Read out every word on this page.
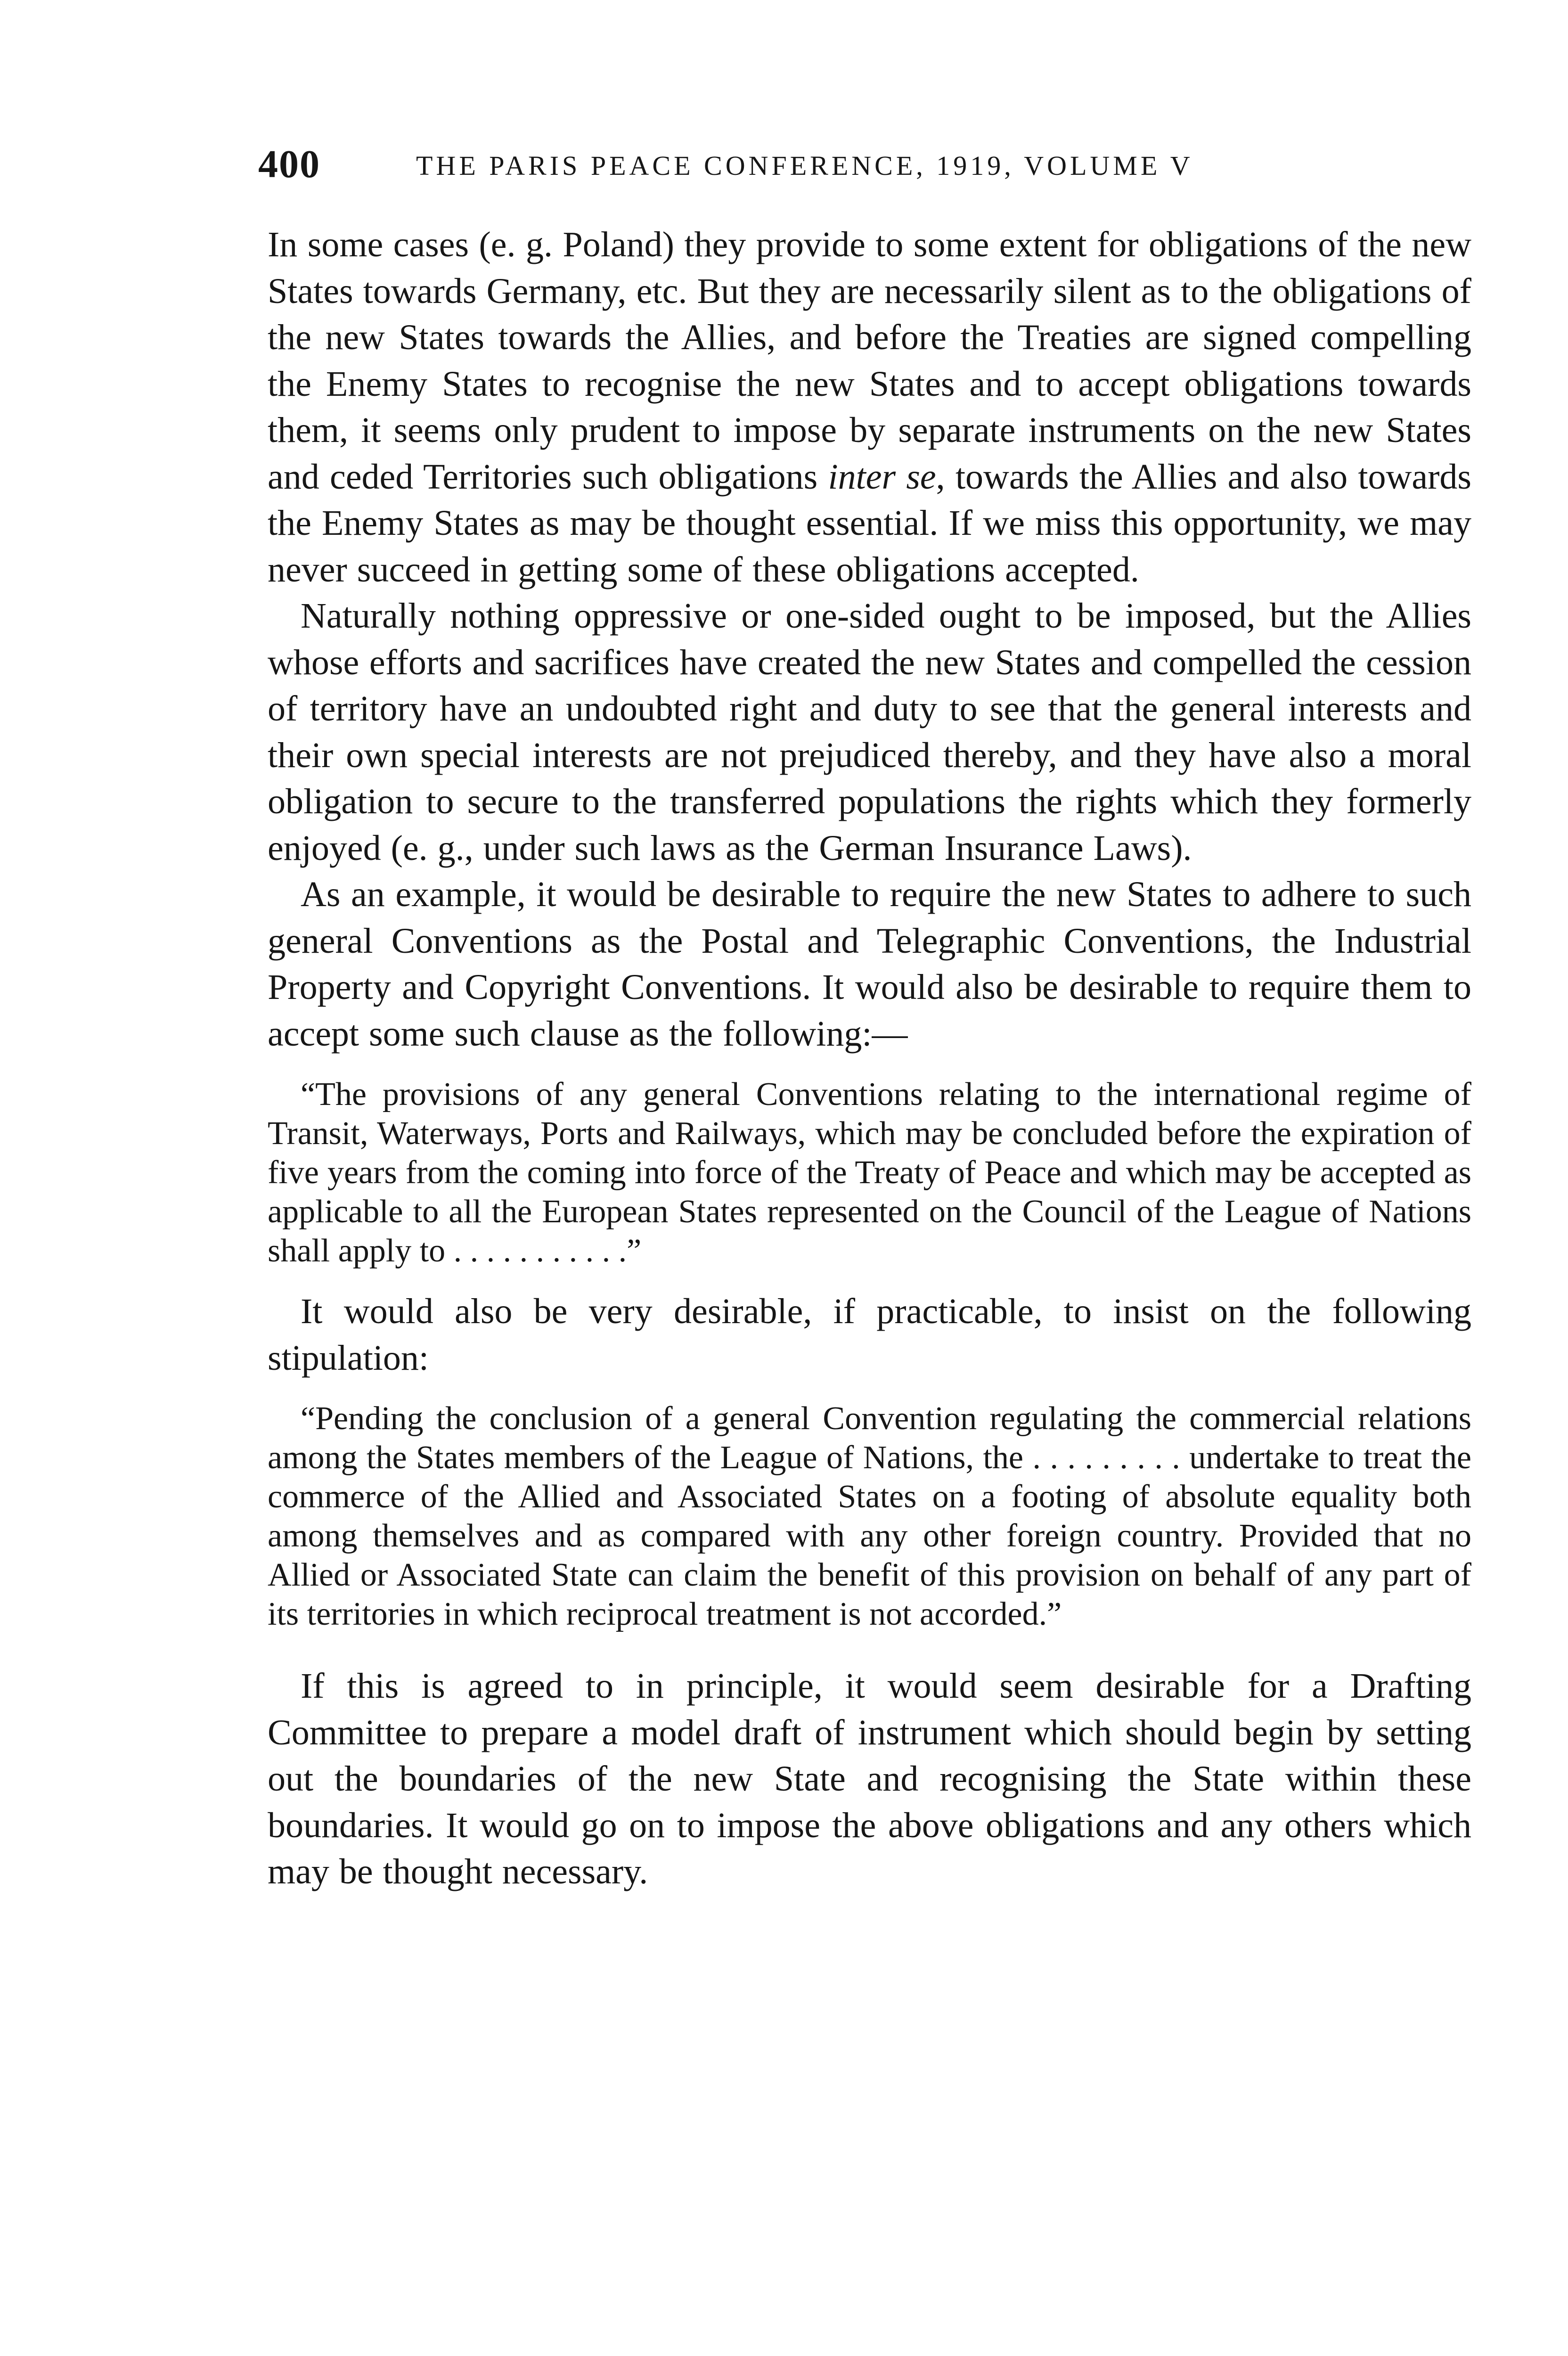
400	THE PARIS PEACE CONFERENCE, 1919, VOLUME V

In some cases (e. g. Poland) they provide to some extent for obligations of the new States towards Germany, etc. But they are necessarily silent as to the obligations of the new States towards the Allies, and before the Treaties are signed compelling the Enemy States to recognise the new States and to accept obligations towards them, it seems only prudent to impose by separate instruments on the new States and ceded Territories such obligations inter se, towards the Allies and also towards the Enemy States as may be thought essential. If we miss this opportunity, we may never succeed in getting some of these obligations accepted.

Naturally nothing oppressive or one-sided ought to be imposed, but the Allies whose efforts and sacrifices have created the new States and compelled the cession of territory have an undoubted right and duty to see that the general interests and their own special interests are not prejudiced thereby, and they have also a moral obligation to secure to the transferred populations the rights which they formerly enjoyed (e. g., under such laws as the German Insurance Laws).

As an example, it would be desirable to require the new States to adhere to such general Conventions as the Postal and Telegraphic Conventions, the Industrial Property and Copyright Conventions. It would also be desirable to require them to accept some such clause as the following:—

“The provisions of any general Conventions relating to the international regime of Transit, Waterways, Ports and Railways, which may be concluded before the expiration of five years from the coming into force of the Treaty of Peace and which may be accepted as applicable to all the European States represented on the Council of the League of Nations shall apply to . . . . . . . . . . .”

It would also be very desirable, if practicable, to insist on the following stipulation:

“Pending the conclusion of a general Convention regulating the commercial relations among the States members of the League of Nations, the . . . . . . . . . undertake to treat the commerce of the Allied and Associated States on a footing of absolute equality both among themselves and as compared with any other foreign country. Provided that no Allied or Associated State can claim the benefit of this provision on behalf of any part of its territories in which reciprocal treatment is not accorded.”

If this is agreed to in principle, it would seem desirable for a Drafting Committee to prepare a model draft of instrument which should begin by setting out the boundaries of the new State and recognising the State within these boundaries. It would go on to impose the above obligations and any others which may be thought necessary.
